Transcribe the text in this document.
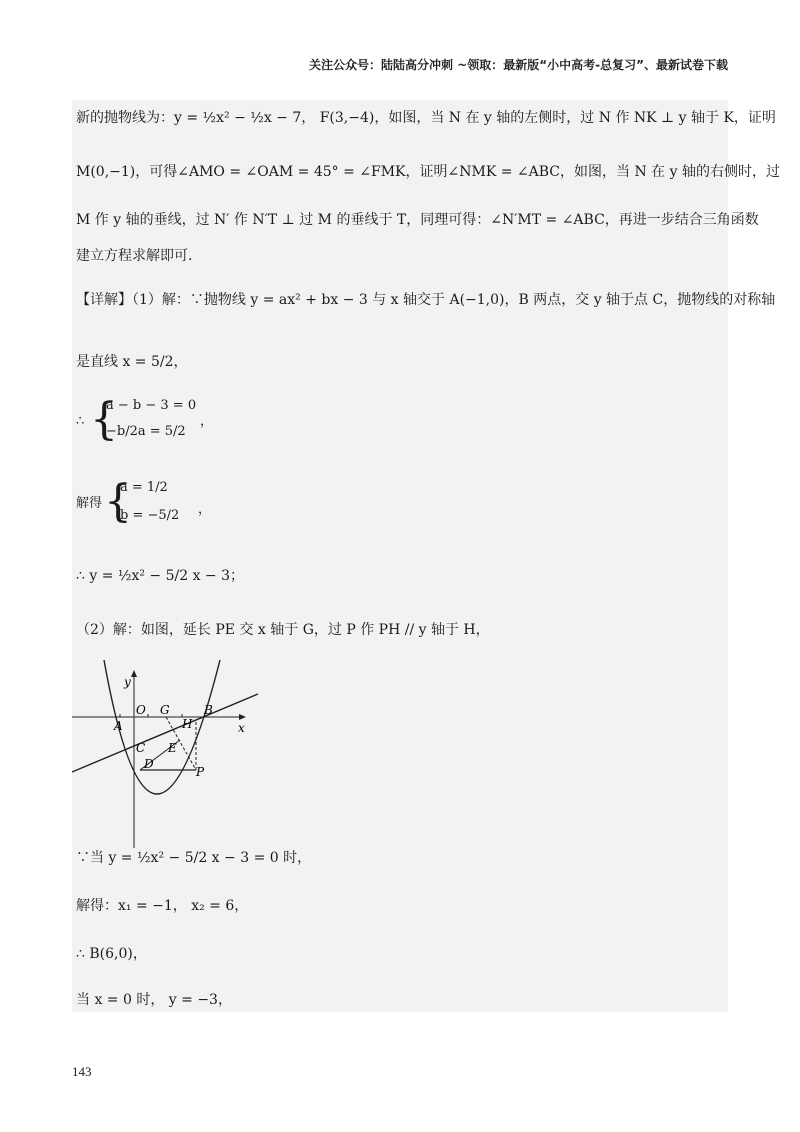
关注公众号：陆陆高分冲刺 ~领取：最新版“小中高考-总复习”、最新试卷下载
新的抛物线为：y = ½x² − ½x − 7， F(3,−4)，如图，当 N 在 y 轴的左侧时，过 N 作 NK ⊥ y 轴于 K，证明
M(0,−1)，可得∠AMO = ∠OAM = 45° = ∠FMK，证明∠NMK = ∠ABC，如图，当 N 在 y 轴的右侧时，过
M 作 y 轴的垂线，过 N′ 作 N′T ⊥ 过 M 的垂线于 T，同理可得：∠N′MT = ∠ABC，再进一步结合三角函数
建立方程求解即可.
【详解】（1）解：∵抛物线 y = ax² + bx − 3 与 x 轴交于 A(−1,0)，B 两点，交 y 轴于点 C，抛物线的对称轴
是直线 x = 5/2，
∴ {
a − b − 3 = 0
−b/2a = 5/2
，
解得 {
a = 1/2
b = −5/2 ，
∴ y = ½x² − 5/2 x − 3；
（2）解：如图，延长 PE 交 x 轴于 G，过 P 作 PH // y 轴于 H，
y
x
O
A
G	B
H
E
C
D
P
∵当 y = ½x² − 5/2 x − 3 = 0 时，
解得：x₁ = −1， x₂ = 6，
∴ B(6,0)，
当 x = 0 时， y = −3，
143
